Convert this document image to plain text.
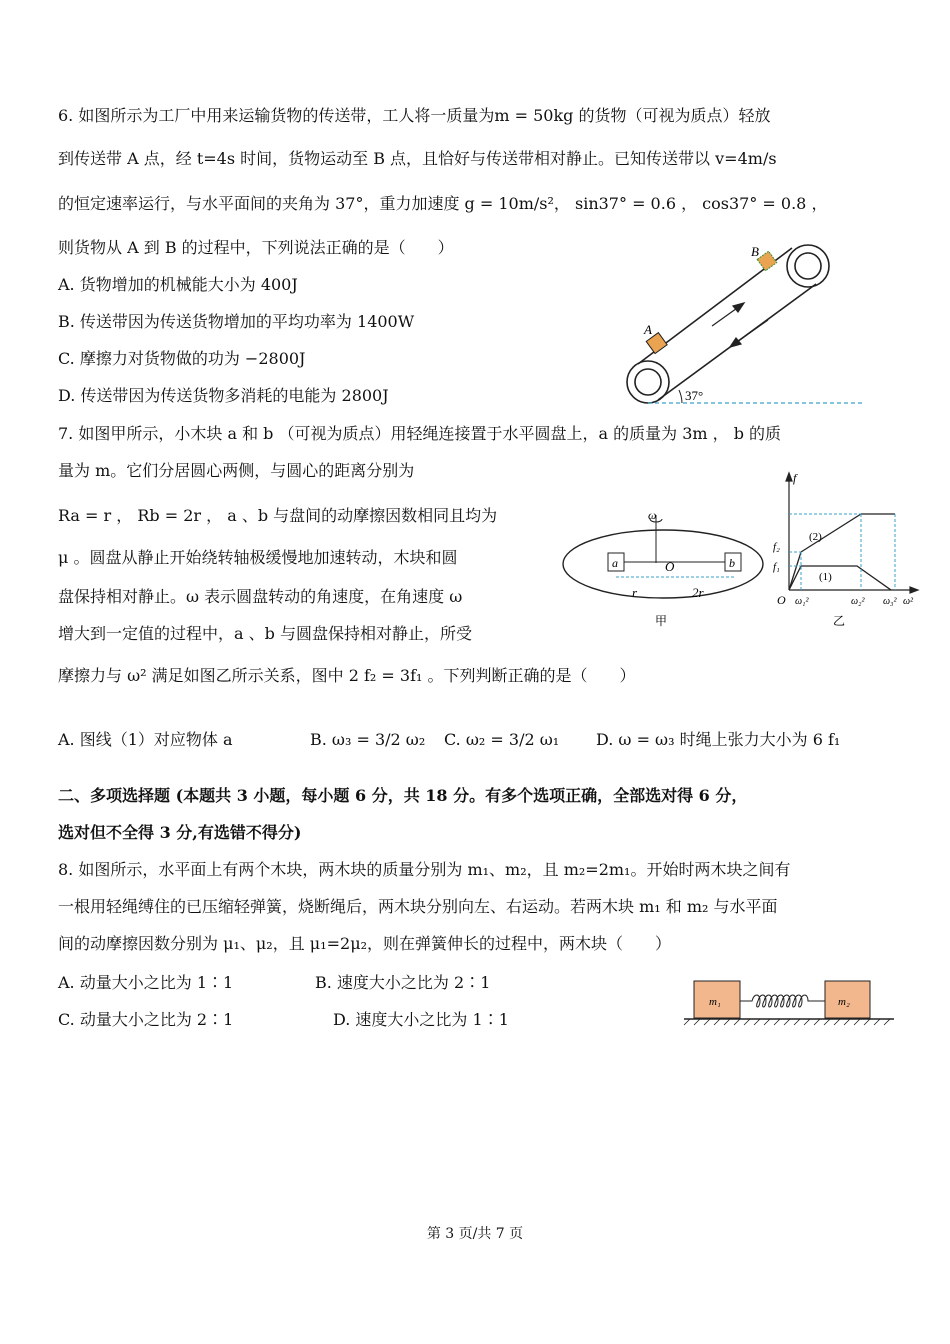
6. 如图所示为工厂中用来运输货物的传送带，工人将一质量为m = 50kg 的货物（可视为质点）轻放
到传送带 A 点，经 t=4s 时间，货物运动至 B 点，且恰好与传送带相对静止。已知传送带以 v=4m/s
的恒定速率运行，与水平面间的夹角为 37°，重力加速度 g = 10m/s²， sin37° = 0.6 ， cos37° = 0.8 ，
则货物从 A 到 B 的过程中，下列说法正确的是（　　）
A. 货物增加的机械能大小为 400J
B. 传送带因为传送货物增加的平均功率为 1400W
C. 摩擦力对货物做的功为 −2800J
D. 传送带因为传送货物多消耗的电能为 2800J	37°
A
B
7. 如图甲所示，小木块 a 和 b （可视为质点）用轻绳连接置于水平圆盘上，a 的质量为 3m ， b 的质
量为 m。它们分居圆心两侧，与圆心的距离分别为
Ra = r ， Rb = 2r ， a 、b 与盘间的动摩擦因数相同且均为
μ 。圆盘从静止开始绕转轴极缓慢地加速转动，木块和圆
盘保持相对静止。ω 表示圆盘转动的角速度，在角速度 ω
增大到一定值的过程中，a 、b 与圆盘保持相对静止，所受
摩擦力与 ω² 满足如图乙所示关系，图中 2 f₂ = 3f₁ 。下列判断正确的是（　　）
A. 图线（1）对应物体 a	B. ω₃ = 3/2 ω₂ C. ω₂ = 3/2 ω₁ D. ω = ω₃ 时绳上张力大小为 6 f₁
ω
a	b
O
r	2r
甲
f
f₂
f₁
(2)
(1)
O ω₁²	ω₂² ω₃² ω²
乙
二、多项选择题 (本题共 3 小题，每小题 6 分，共 18 分。有多个选项正确，全部选对得 6 分，
选对但不全得 3 分,有选错不得分)
8. 如图所示，水平面上有两个木块，两木块的质量分别为 m₁、m₂，且 m₂=2m₁。开始时两木块之间有
一根用轻绳缚住的已压缩轻弹簧，烧断绳后，两木块分别向左、右运动。若两木块 m₁ 和 m₂ 与水平面
间的动摩擦因数分别为 μ₁、μ₂，且 μ₁=2μ₂，则在弹簧伸长的过程中，两木块（　　）
A. 动量大小之比为 1∶1	B. 速度大小之比为 2∶1
C. 动量大小之比为 2∶1	D. 速度大小之比为 1∶1
m₁	m₂
第 3 页/共 7 页
